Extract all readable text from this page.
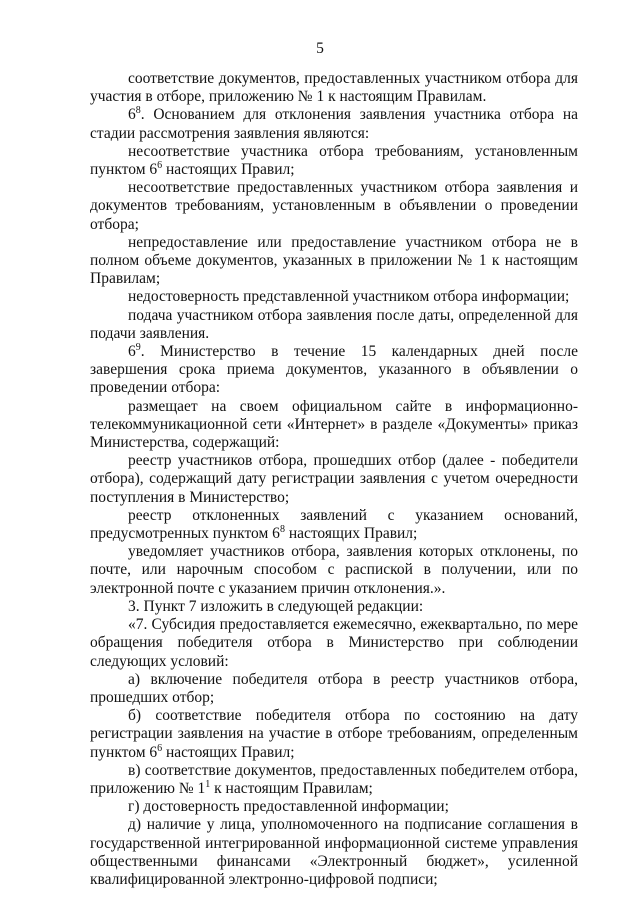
5

соответствие документов, предоставленных участником отбора для участия в отборе, приложению № 1 к настоящим Правилам.

$6^8$. Основанием для отклонения заявления участника отбора на стадии рассмотрения заявления являются:

несоответствие участника отбора требованиям, установленным пунктом $6^6$ настоящих Правил;

несоответствие предоставленных участником отбора заявления и документов требованиям, установленным в объявлении о проведении отбора;

непредоставление или предоставление участником отбора не в полном объеме документов, указанных в приложении № 1 к настоящим Правилам;

недостоверность представленной участником отбора информации;

подача участником отбора заявления после даты, определенной для подачи заявления.

$6^9$. Министерство в течение 15 календарных дней после завершения срока приема документов, указанного в объявлении о проведении отбора:

размещает на своем официальном сайте в информационно-телекоммуникационной сети «Интернет» в разделе «Документы» приказ Министерства, содержащий:

реестр участников отбора, прошедших отбор (далее - победители отбора), содержащий дату регистрации заявления с учетом очередности поступления в Министерство;

реестр отклоненных заявлений с указанием оснований, предусмотренных пунктом $6^8$ настоящих Правил;

уведомляет участников отбора, заявления которых отклонены, по почте, или нарочным способом с распиской в получении, или по электронной почте с указанием причин отклонения.».

3. Пункт 7 изложить в следующей редакции:

«7. Субсидия предоставляется ежемесячно, ежеквартально, по мере обращения победителя отбора в Министерство при соблюдении следующих условий:

а) включение победителя отбора в реестр участников отбора, прошедших отбор;

б) соответствие победителя отбора по состоянию на дату регистрации заявления на участие в отборе требованиям, определенным пунктом $6^6$ настоящих Правил;

в) соответствие документов, предоставленных победителем отбора, приложению № $1^1$ к настоящим Правилам;

г) достоверность предоставленной информации;

д) наличие у лица, уполномоченного на подписание соглашения в государственной интегрированной информационной системе управления общественными финансами «Электронный бюджет», усиленной квалифицированной электронно-цифровой подписи;
